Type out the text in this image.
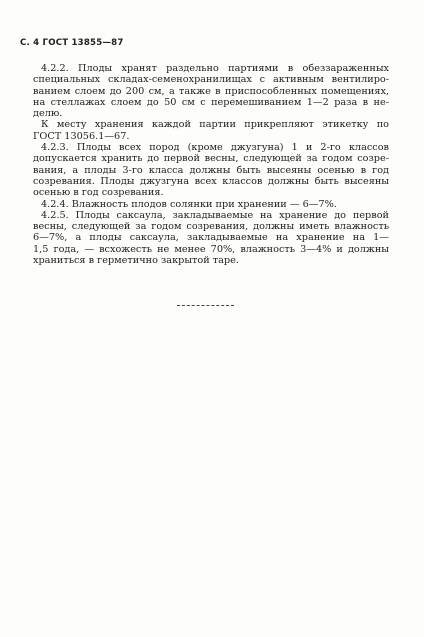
С. 4 ГОСТ 13855—87
4.2.2. Плоды хранят раздельно партиями в обеззараженных
специальных складах-семенохранилищах с активным вентилиро-
ванием слоем до 200 см, а также в приспособленных помещениях,
на стеллажах слоем до 50 см с перемешиванием 1—2 раза в не-
делю.
К месту хранения каждой партии прикрепляют этикетку по
ГОСТ 13056.1—67.
4.2.3. Плоды всех пород (кроме джузгуна) 1 и 2-го классов
допускается хранить до первой весны, следующей за годом созре-
вания, а плоды 3-го класса должны быть высеяны осенью в год
созревания. Плоды джузгуна всех классов должны быть высеяны
осенью в год созревания.
4.2.4. Влажность плодов солянки при хранении — 6—7%.
4.2.5. Плоды саксаула, закладываемые на хранение до первой
весны, следующей за годом созревания, должны иметь влажность
6—7%, а плоды саксаула, закладываемые на хранение на 1—
1,5 года, — всхожесть не менее 70%, влажность 3—4% и должны
храниться в герметично закрытой таре.
